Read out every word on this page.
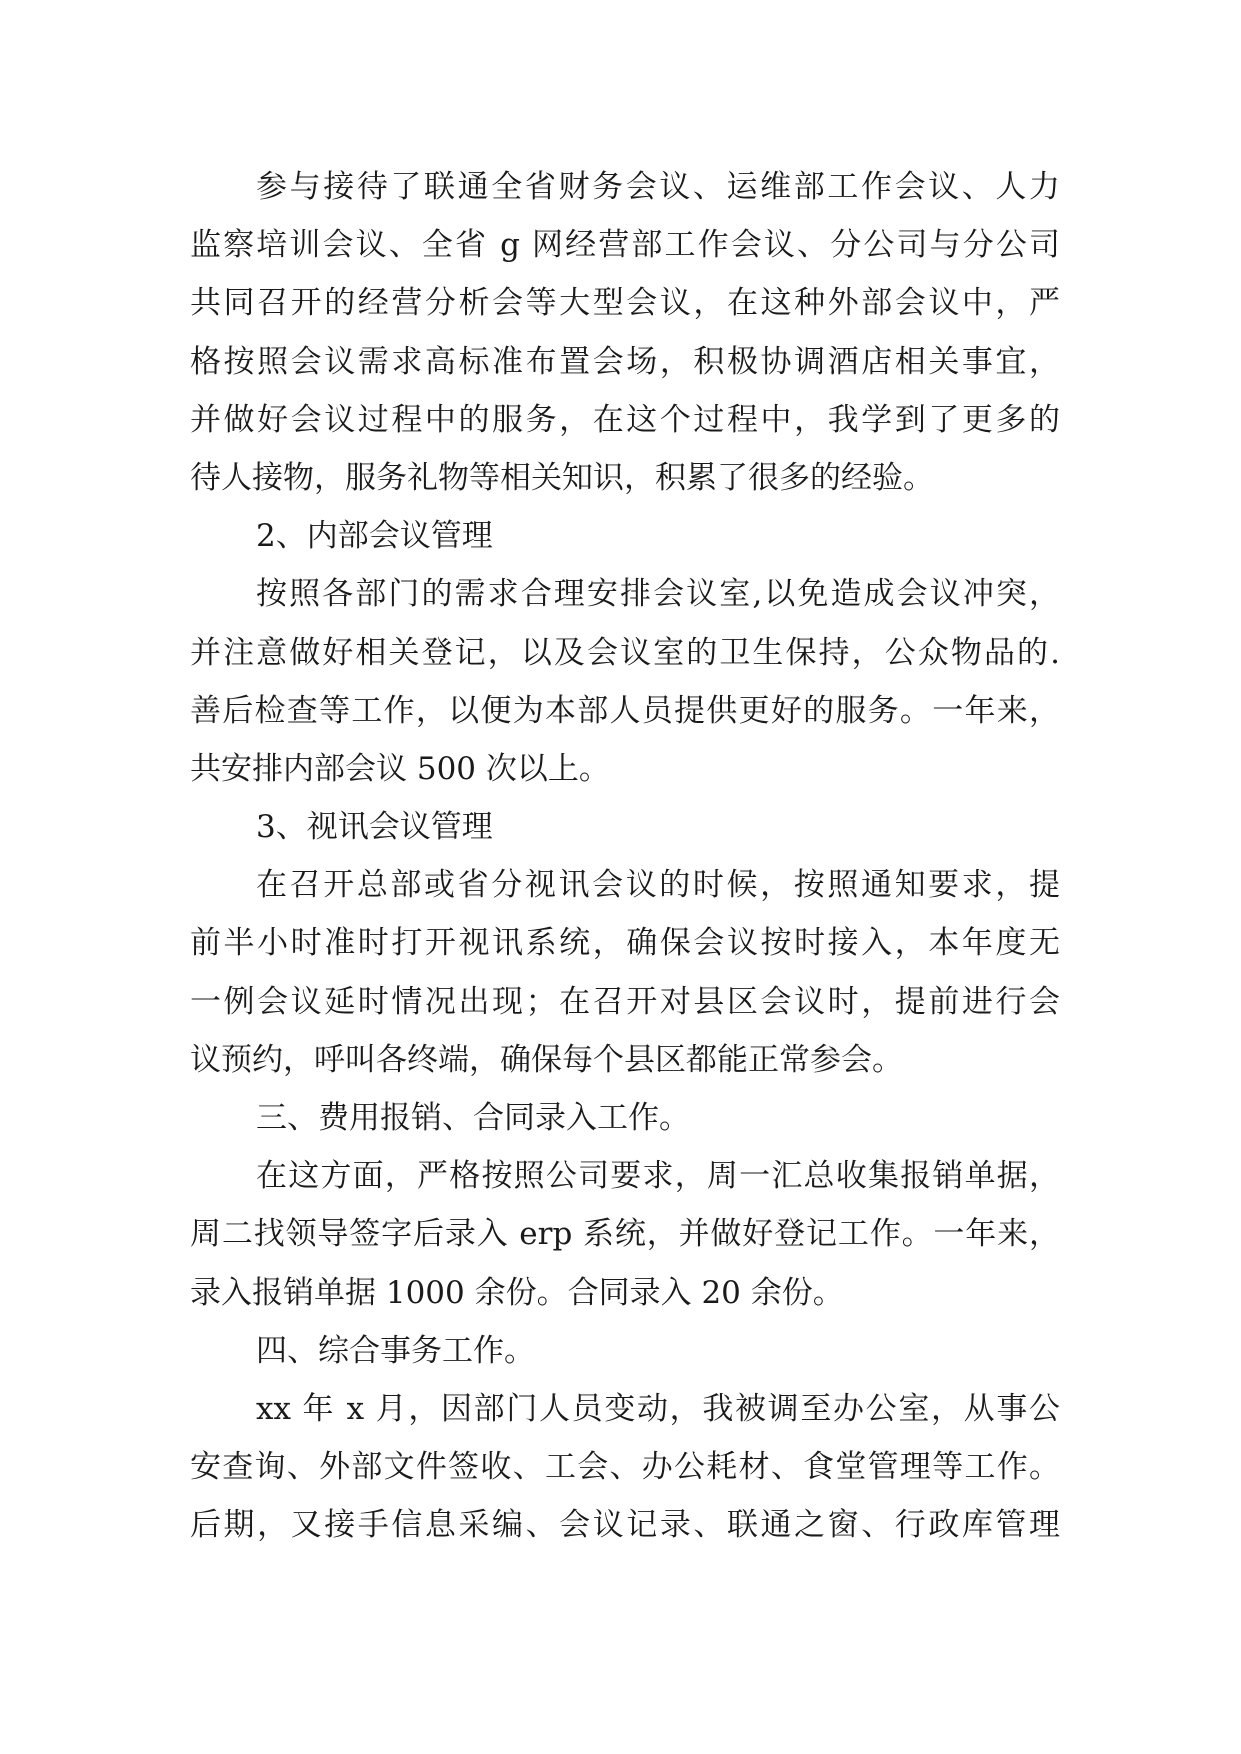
参与接待了联通全省财务会议、运维部工作会议、人力
监察培训会议、全省 g 网经营部工作会议、分公司与分公司
共同召开的经营分析会等大型会议，在这种外部会议中，严
格按照会议需求高标准布置会场，积极协调酒店相关事宜，
并做好会议过程中的服务，在这个过程中，我学到了更多的
待人接物，服务礼物等相关知识，积累了很多的经验。
2、内部会议管理
按照各部门的需求合理安排会议室,以免造成会议冲突，
并注意做好相关登记，以及会议室的卫生保持，公众物品的.
善后检查等工作，以便为本部人员提供更好的服务。一年来，
共安排内部会议 500 次以上。
3、视讯会议管理
在召开总部或省分视讯会议的时候，按照通知要求，提
前半小时准时打开视讯系统，确保会议按时接入，本年度无
一例会议延时情况出现；在召开对县区会议时，提前进行会
议预约，呼叫各终端，确保每个县区都能正常参会。
三、费用报销、合同录入工作。
在这方面，严格按照公司要求，周一汇总收集报销单据，
周二找领导签字后录入 erp 系统，并做好登记工作。一年来，
录入报销单据 1000 余份。合同录入 20 余份。
四、综合事务工作。
xx 年 x 月，因部门人员变动，我被调至办公室，从事公
安查询、外部文件签收、工会、办公耗材、食堂管理等工作。
后期，又接手信息采编、会议记录、联通之窗、行政库管理
